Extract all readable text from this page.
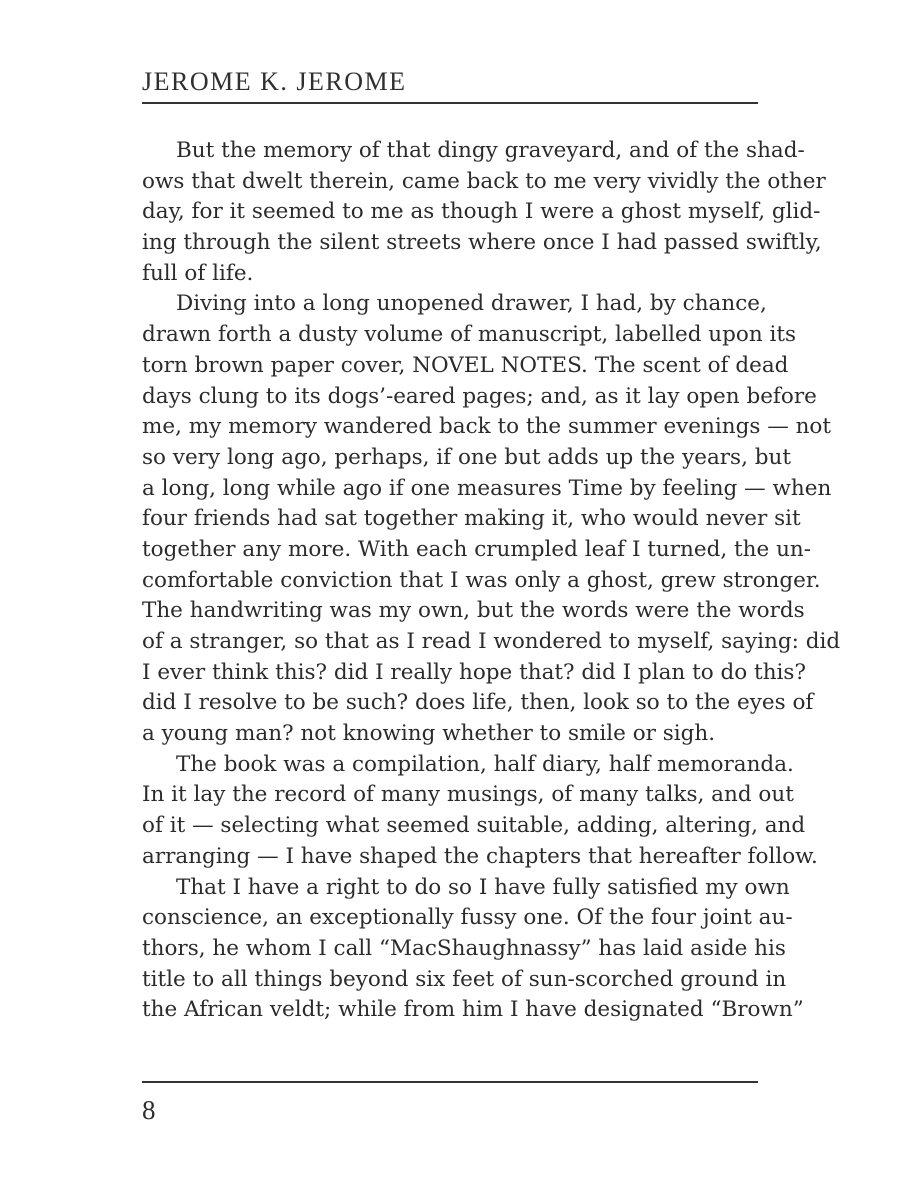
JEROME K. JEROME
But the memory of that dingy graveyard, and of the shad-
ows that dwelt therein, came back to me very vividly the other
day, for it seemed to me as though I were a ghost myself, glid-
ing through the silent streets where once I had passed swiftly,
full of life.
Diving into a long unopened drawer, I had, by chance,
drawn forth a dusty volume of manuscript, labelled upon its
torn brown paper cover, NOVEL NOTES. The scent of dead
days clung to its dogs’-eared pages; and, as it lay open before
me, my memory wandered back to the summer evenings — not
so very long ago, perhaps, if one but adds up the years, but
a long, long while ago if one measures Time by feeling — when
four friends had sat together making it, who would never sit
together any more. With each crumpled leaf I turned, the un-
comfortable conviction that I was only a ghost, grew stronger.
The handwriting was my own, but the words were the words
of a stranger, so that as I read I wondered to myself, saying: did
I ever think this? did I really hope that? did I plan to do this?
did I resolve to be such? does life, then, look so to the eyes of
a young man? not knowing whether to smile or sigh.
The book was a compilation, half diary, half memoranda.
In it lay the record of many musings, of many talks, and out
of it — selecting what seemed suitable, adding, altering, and
arranging — I have shaped the chapters that hereafter follow.
That I have a right to do so I have fully satisfied my own
conscience, an exceptionally fussy one. Of the four joint au-
thors, he whom I call “MacShaughnassy” has laid aside his
title to all things beyond six feet of sun-scorched ground in
the African veldt; while from him I have designated “Brown”
8
